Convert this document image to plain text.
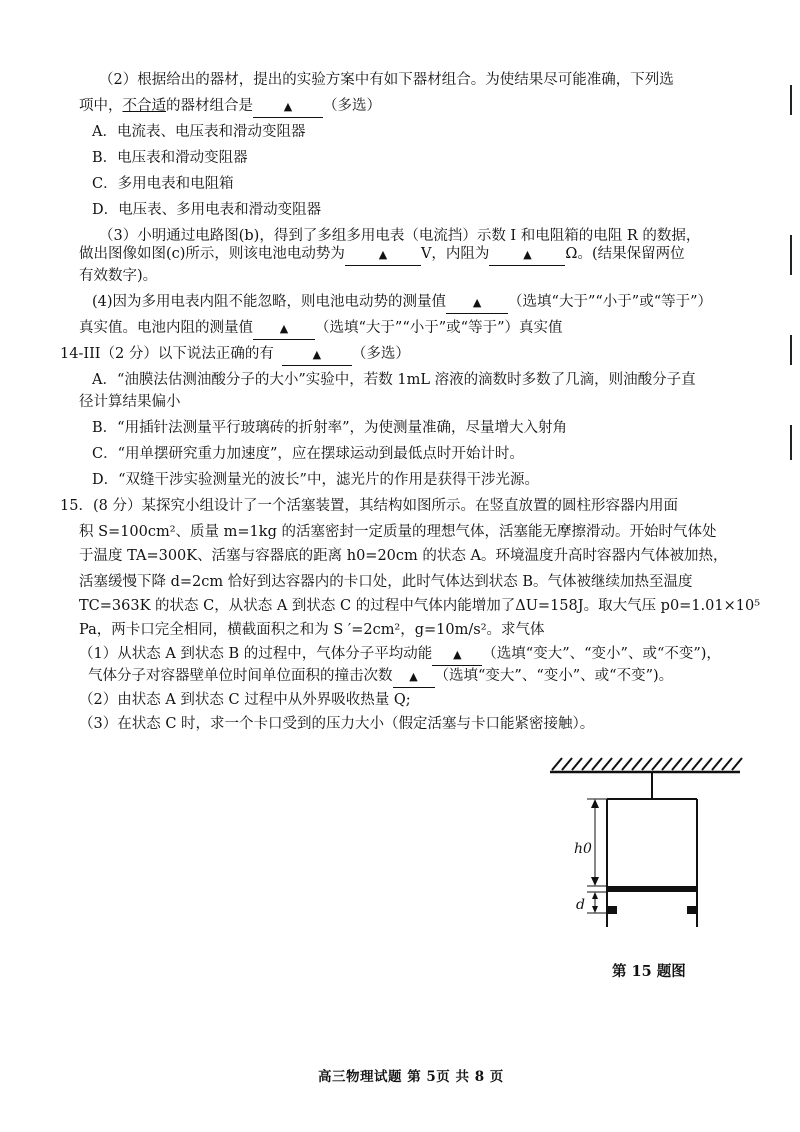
（2）根据给出的器材，提出的实验方案中有如下器材组合。为使结果尽可能准确，下列选
项中，不合适的器材组合是	▲ （多选）
A．电流表、电压表和滑动变阻器
B．电压表和滑动变阻器
C．多用电表和电阻箱
D．电压表、多用电表和滑动变阻器
（3）小明通过电路图(b)，得到了多组多用电表（电流挡）示数 I 和电阻箱的电阻 R 的数据，
做出图像如图(c)所示，则该电池电动势为	▲ V，内阻为	▲ Ω。(结果保留两位
有效数字)。
(4)因为多用电表内阻不能忽略，则电池电动势的测量值 ▲ （选填“大于”“小于”或“等于”）
真实值。电池内阻的测量值 ▲ （选填“大于”“小于”或“等于”）真实值
14-III（2 分）以下说法正确的有	▲ （多选）
A．“油膜法估测油酸分子的大小”实验中，若数 1mL 溶液的滴数时多数了几滴，则油酸分子直
径计算结果偏小
B．“用插针法测量平行玻璃砖的折射率”，为使测量准确，尽量增大入射角
C．“用单摆研究重力加速度”，应在摆球运动到最低点时开始计时。
D．“双缝干涉实验测量光的波长”中，滤光片的作用是获得干涉光源。
15．(8 分）某探究小组设计了一个活塞装置，其结构如图所示。在竖直放置的圆柱形容器内用面
积 S=100cm²、质量 m=1kg 的活塞密封一定质量的理想气体，活塞能无摩擦滑动。开始时气体处
于温度 TA=300K、活塞与容器底的距离 h0=20cm 的状态 A。环境温度升高时容器内气体被加热，
活塞缓慢下降 d=2cm 恰好到达容器内的卡口处，此时气体达到状态 B。气体被继续加热至温度
TC=363K 的状态 C，从状态 A 到状态 C 的过程中气体内能增加了ΔU=158J。取大气压 p0=1.01×10⁵
Pa，两卡口完全相同，横截面积之和为 S ′=2cm²，g=10m/s²。求气体
（1）从状态 A 到状态 B 的过程中，气体分子平均动能 ▲ （选填“变大”、“变小”、或“不变”)，
气体分子对容器壁单位时间单位面积的撞击次数 ▲ （选填“变大”、“变小”、或“不变”)。
（2）由状态 A 到状态 C 过程中从外界吸收热量 Q;
（3）在状态 C 时，求一个卡口受到的压力大小（假定活塞与卡口能紧密接触）。
h0
d
第 15 题图
高三物理试题 第 5页 共 8 页
